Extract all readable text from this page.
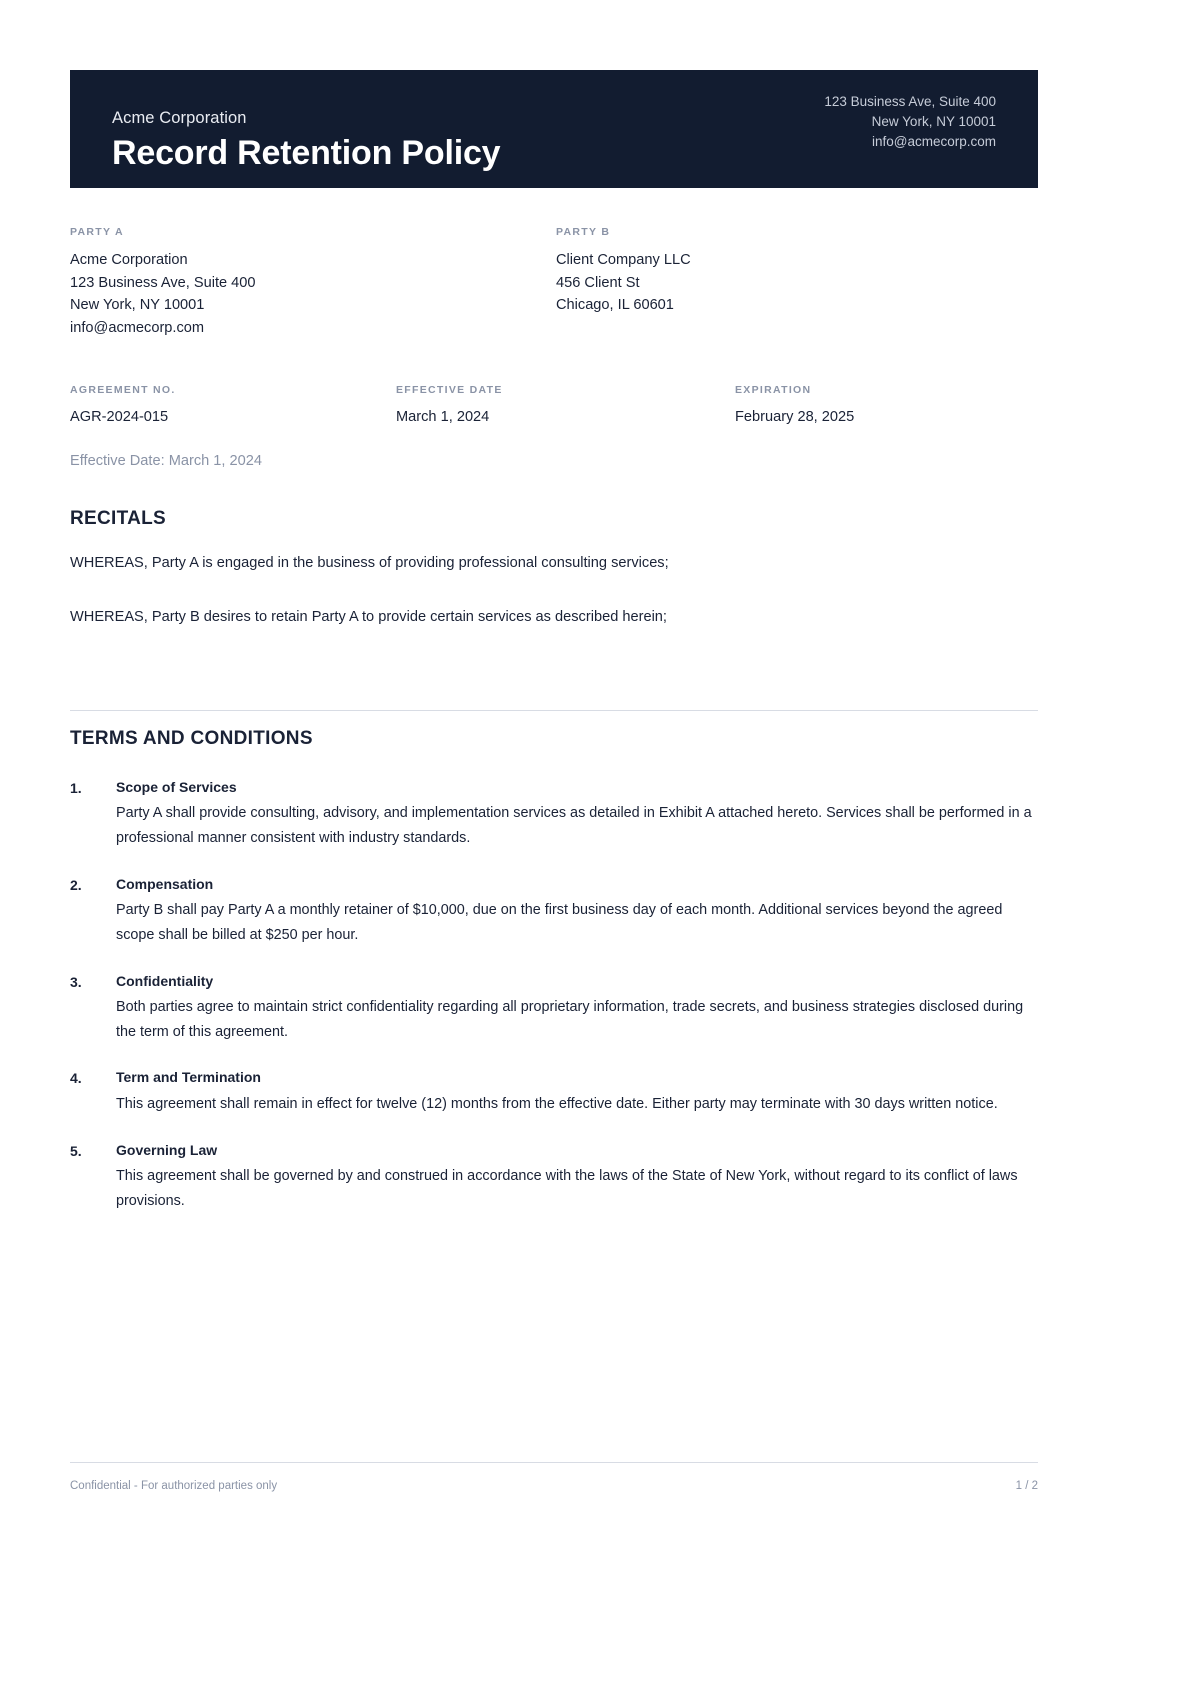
Acme Corporation
Record Retention Policy
123 Business Ave, Suite 400
New York, NY 10001
info@acmecorp.com
PARTY A
Acme Corporation
123 Business Ave, Suite 400
New York, NY 10001
info@acmecorp.com
PARTY B
Client Company LLC
456 Client St
Chicago, IL 60601
AGREEMENT NO.
AGR-2024-015
EFFECTIVE DATE
March 1, 2024
EXPIRATION
February 28, 2025
Effective Date: March 1, 2024
RECITALS

WHEREAS, Party A is engaged in the business of providing professional consulting services;

WHEREAS, Party B desires to retain Party A to provide certain services as described herein;

TERMS AND CONDITIONS
1.	Scope of Services
Party A shall provide consulting, advisory, and implementation services as detailed in Exhibit A attached hereto. Services shall be performed in a professional manner consistent with industry standards.
2.	Compensation
Party B shall pay Party A a monthly retainer of $10,000, due on the first business day of each month. Additional services beyond the agreed scope shall be billed at $250 per hour.
3.	Confidentiality
Both parties agree to maintain strict confidentiality regarding all proprietary information, trade secrets, and business strategies disclosed during the term of this agreement.
4.	Term and Termination
This agreement shall remain in effect for twelve (12) months from the effective date. Either party may terminate with 30 days written notice.
5.	Governing Law
This agreement shall be governed by and construed in accordance with the laws of the State of New York, without regard to its conflict of laws provisions.
Confidential - For authorized parties only	1 / 2
